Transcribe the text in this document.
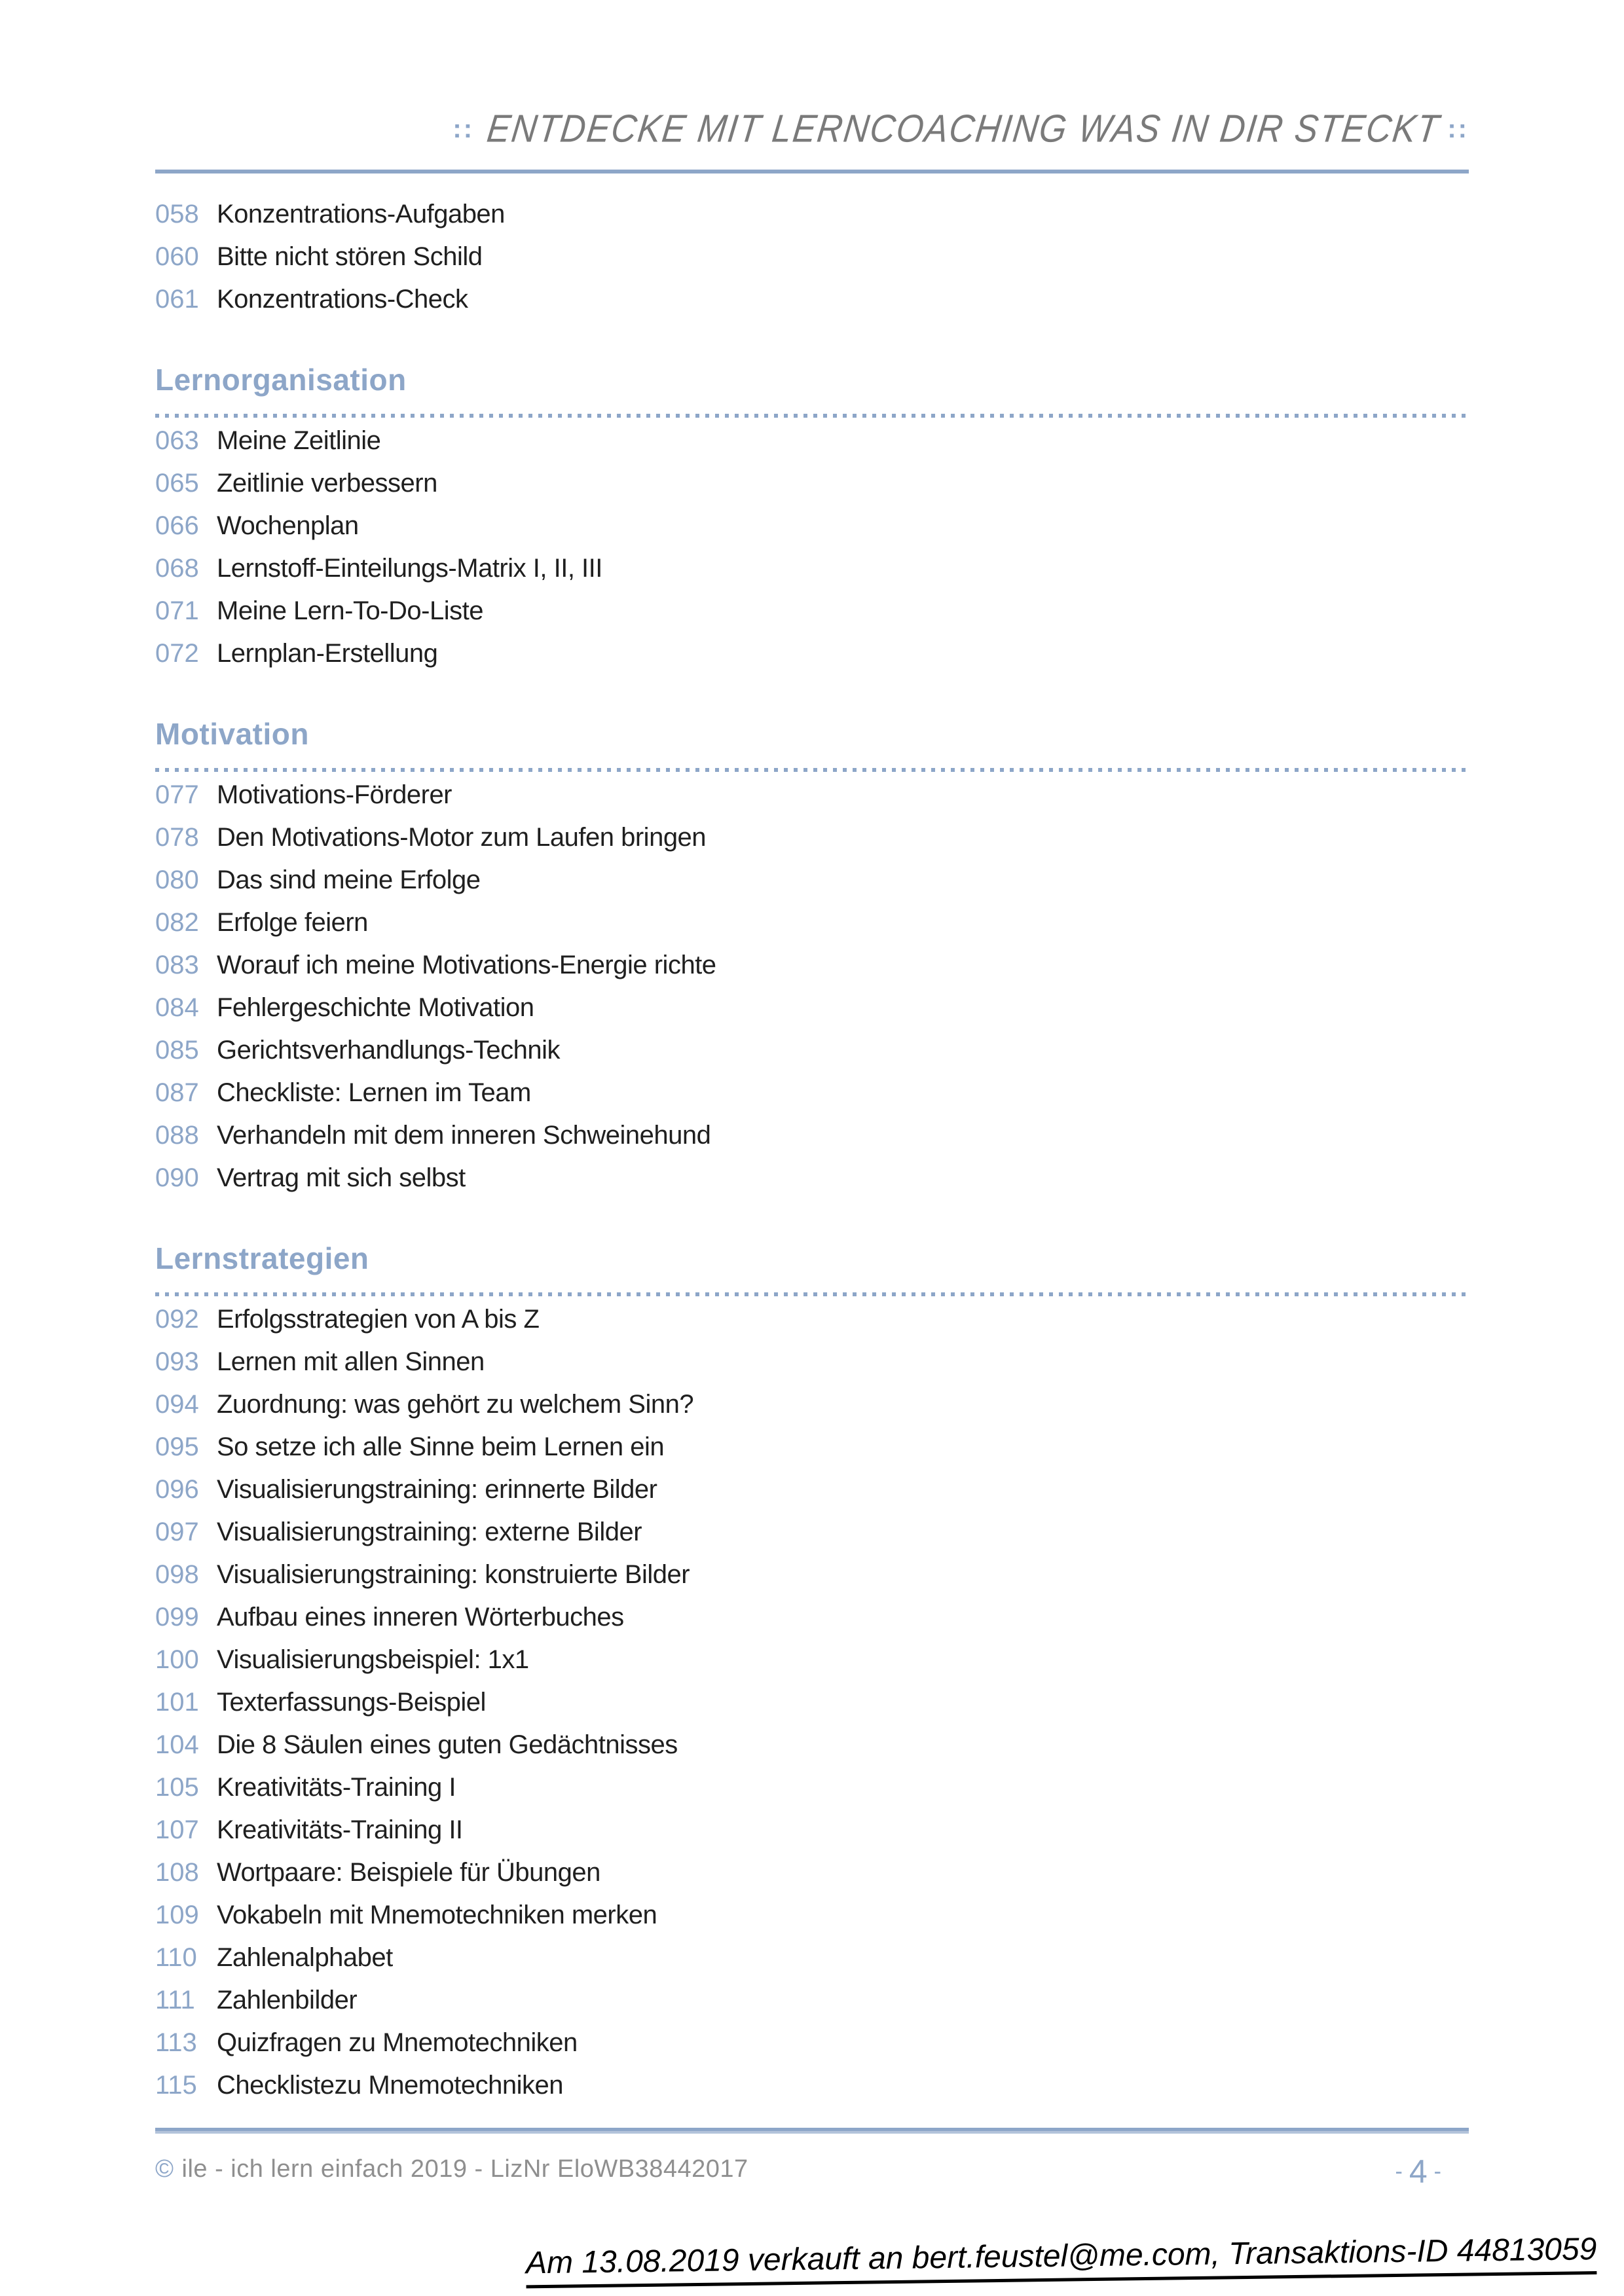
:: ENTDECKE MIT LERNCOACHING WAS IN DIR STECKT ::
058 Konzentrations-Aufgaben
060 Bitte nicht stören Schild
061 Konzentrations-Check
Lernorganisation
063 Meine Zeitlinie
065 Zeitlinie verbessern
066 Wochenplan
068 Lernstoff-Einteilungs-Matrix I, II, III
071 Meine Lern-To-Do-Liste
072 Lernplan-Erstellung
Motivation
077 Motivations-Förderer
078 Den Motivations-Motor zum Laufen bringen
080 Das sind meine Erfolge
082 Erfolge feiern
083 Worauf ich meine Motivations-Energie richte
084 Fehlergeschichte Motivation
085 Gerichtsverhandlungs-Technik
087 Checkliste: Lernen im Team
088 Verhandeln mit dem inneren Schweinehund
090 Vertrag mit sich selbst
Lernstrategien
092 Erfolgsstrategien von A bis Z
093 Lernen mit allen Sinnen
094 Zuordnung: was gehört zu welchem Sinn?
095 So setze ich alle Sinne beim Lernen ein
096 Visualisierungstraining: erinnerte Bilder
097 Visualisierungstraining: externe Bilder
098 Visualisierungstraining: konstruierte Bilder
099 Aufbau eines inneren Wörterbuches
100 Visualisierungsbeispiel: 1x1
101 Texterfassungs-Beispiel
104 Die 8 Säulen eines guten Gedächtnisses
105 Kreativitäts-Training I
107 Kreativitäts-Training II
108 Wortpaare: Beispiele für Übungen
109 Vokabeln mit Mnemotechniken merken
110 Zahlenalphabet
111 Zahlenbilder
113 Quizfragen zu Mnemotechniken
115 Checklistezu Mnemotechniken
© ile - ich lern einfach 2019 - LizNr EloWB38442017	- 4 -
Am 13.08.2019 verkauft an bert.feustel@me.com, Transaktions-ID 44813059
